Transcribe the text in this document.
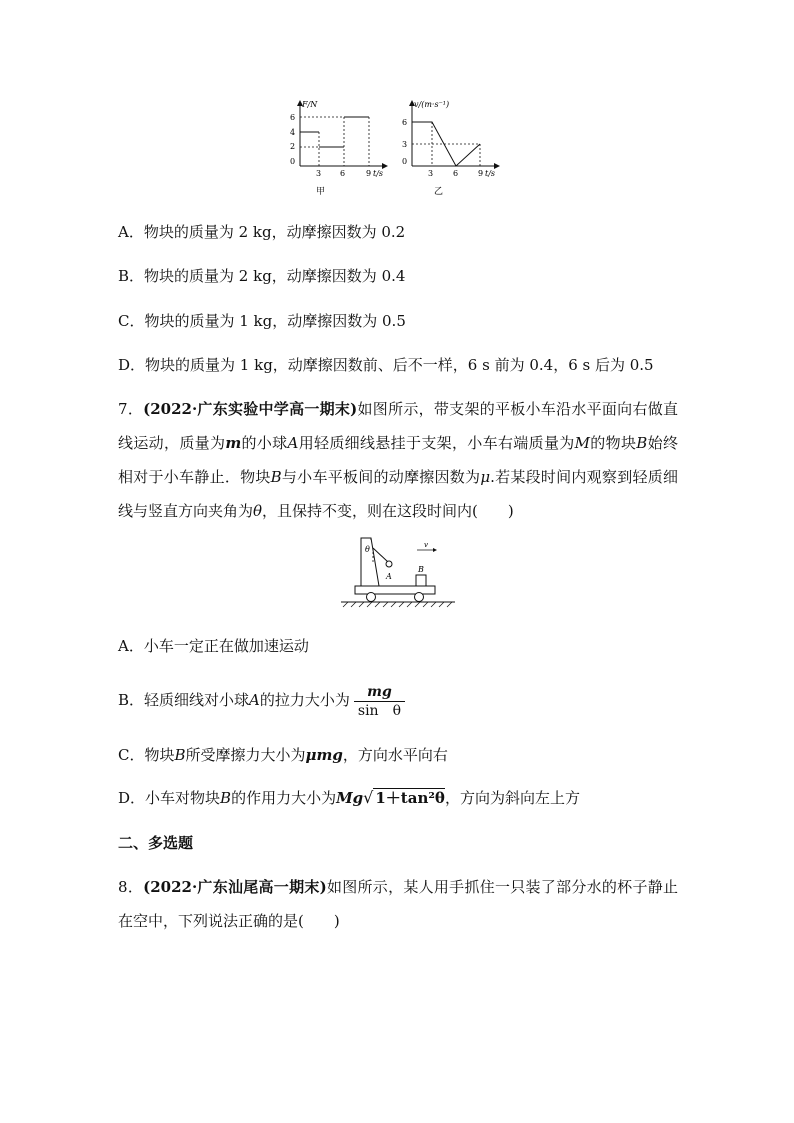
F/N
t/s
6
4
2
0
3 6	9
甲
v/(m·s⁻¹)
t/s
6
3
0
3 6 9
乙
A．物块的质量为 2 kg，动摩擦因数为 0.2
B．物块的质量为 2 kg，动摩擦因数为 0.4
C．物块的质量为 1 kg，动摩擦因数为 0.5
D．物块的质量为 1 kg，动摩擦因数前、后不一样，6 s 前为 0.4，6 s 后为 0.5
7．(2022·广东实验中学高一期末)如图所示，带支架的平板小车沿水平面向右做直线运动，质量为m的小球A用轻质细线悬挂于支架，小车右端质量为M的物块B始终相对于小车静止．物块B与小车平板间的动摩擦因数为μ.若某段时间内观察到轻质细线与竖直方向夹角为θ，且保持不变，则在这段时间内(　　)
θ	v
A
B
A．小车一定正在做加速运动
B．轻质细线对小球A的拉力大小为 $\frac{mg}{\text{sin　θ}}$
C．物块B所受摩擦力大小为μmg，方向水平向右
D．小车对物块B的作用力大小为Mg√ 1＋tan²θ，方向为斜向左上方
二、多选题
8．(2022·广东汕尾高一期末)如图所示，某人用手抓住一只装了部分水的杯子静止在空中，下列说法正确的是(　　)
